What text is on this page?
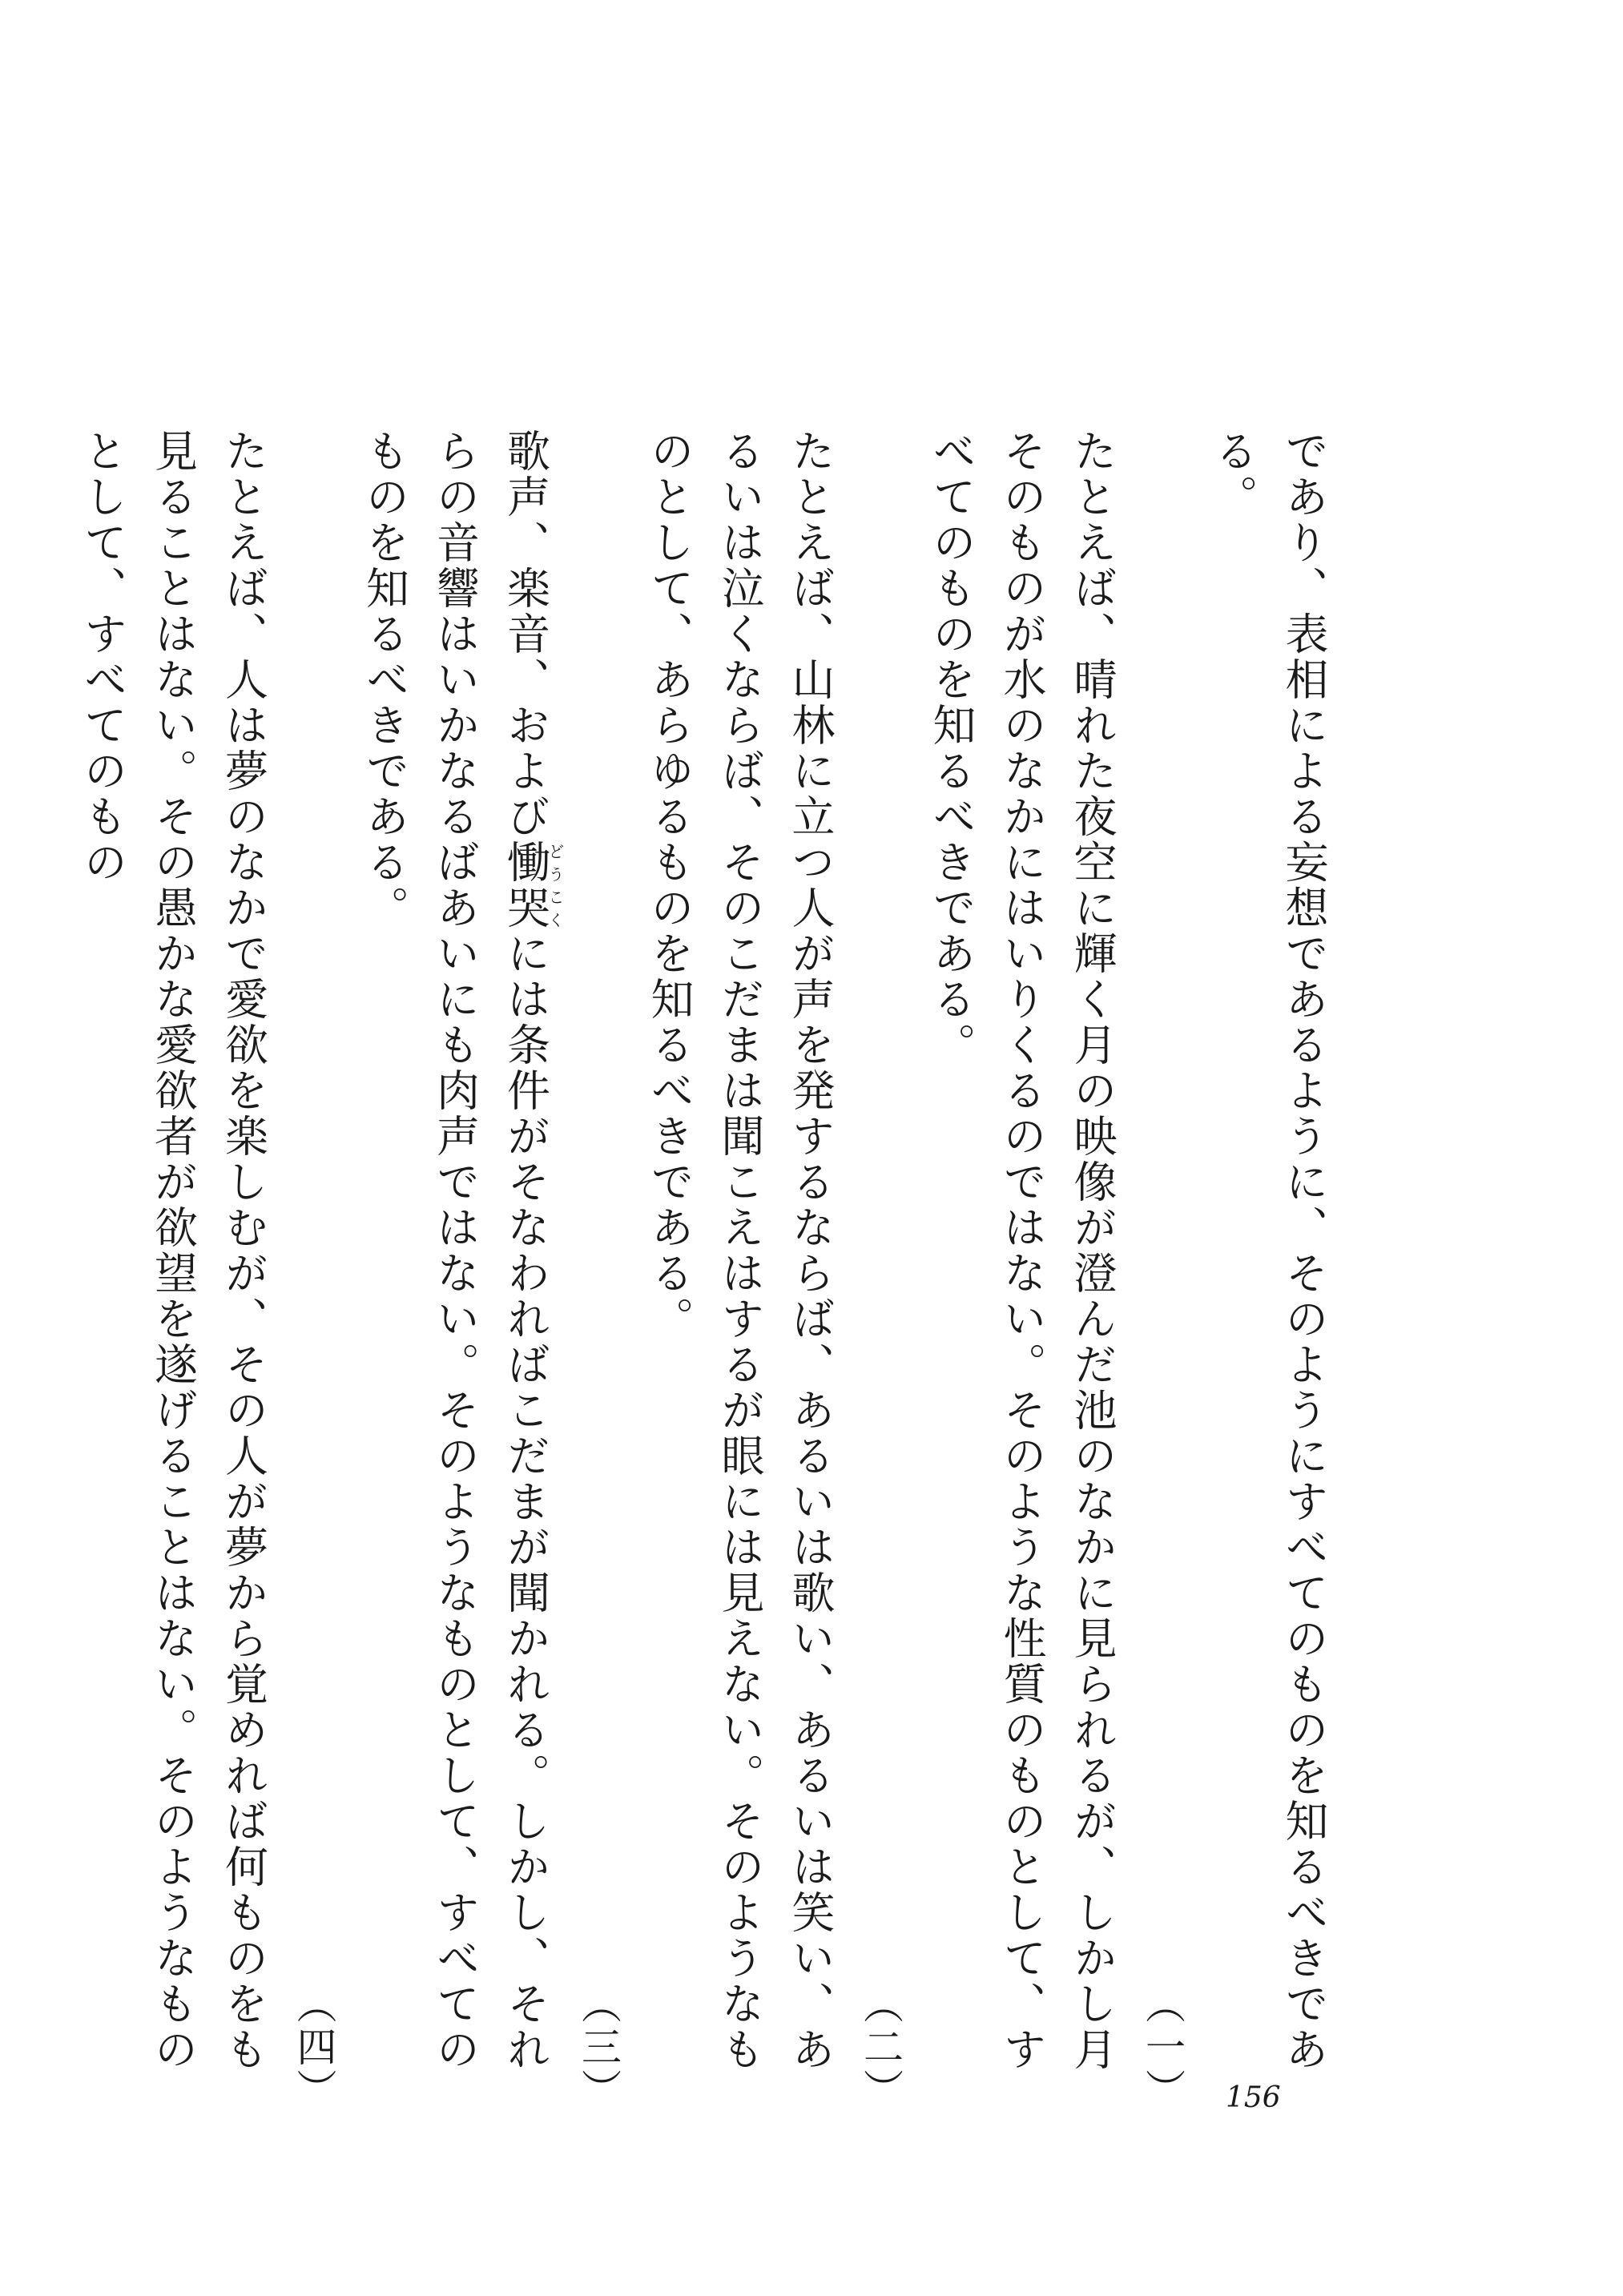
であり、表相による妄想であるように、そのようにすべてのものを知るべきである。
（一）

たとえば、晴れた夜空に輝く月の映像が澄んだ池のなかに見られるが、しかし月そのものが水のなかにはいりくるのではない。そのような性質のものとして、すべてのものを知るべきである。
（二）

たとえば、山林に立つ人が声を発するならば、あるいは歌い、あるいは笑い、あるいは泣くならば、そのこだまは聞こえはするが眼には見えない。そのようなものとして、あらゆるものを知るべきである。
（三）

歌声、楽音、および慟哭どうこくには条件がそなわればこだまが聞かれる。しかし、それらの音響はいかなるばあいにも肉声ではない。そのようなものとして、すべてのものを知るべきである。
（四）

たとえば、人は夢のなかで愛欲を楽しむが、その人が夢から覚めれば何ものをも見ることはない。その愚かな愛欲者が欲望を遂げることはない。そのようなものとして、すべてのもの

156
